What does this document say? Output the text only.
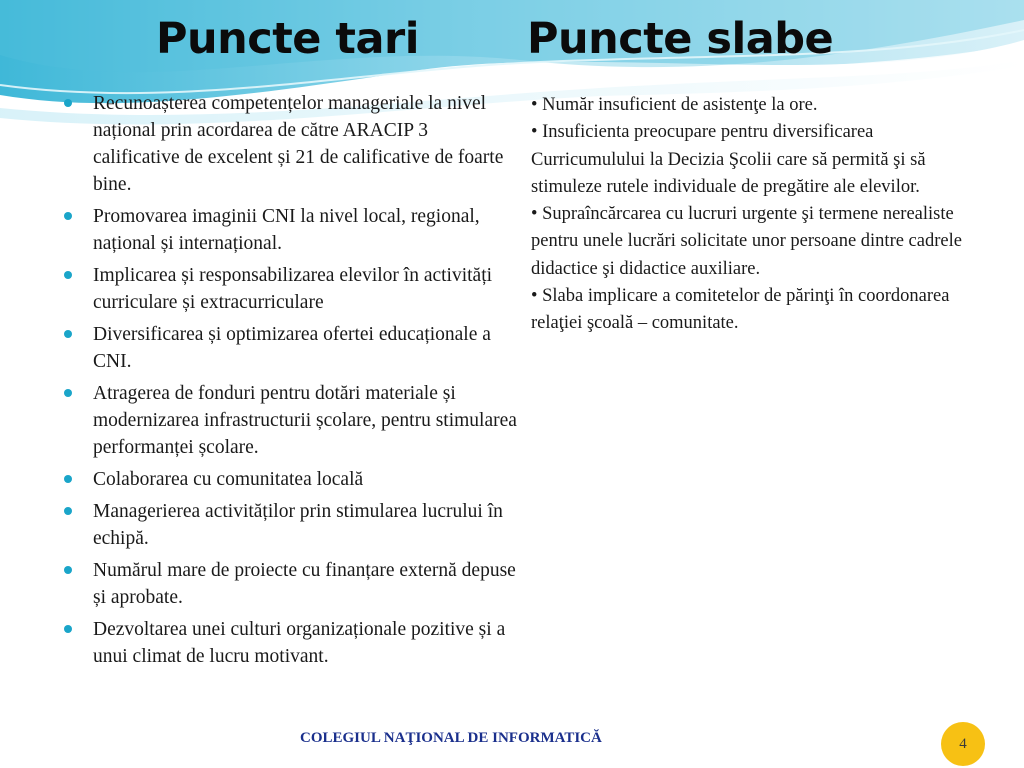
Puncte tari	Puncte slabe
Recunoașterea competențelor manageriale la nivel național prin acordarea de către ARACIP 3 calificative de excelent și 21 de calificative de foarte bine.
Promovarea imaginii CNI la nivel local, regional, național și internațional.
Implicarea și responsabilizarea elevilor în activități curriculare și extracurriculare
Diversificarea și optimizarea ofertei educaționale a CNI.
Atragerea de fonduri pentru dotări materiale și modernizarea infrastructurii școlare, pentru stimularea performanței școlare.
Colaborarea cu comunitatea locală
Managerierea activităților prin stimularea lucrului în echipă.
Numărul mare de proiecte cu finanțare externă depuse și aprobate.
Dezvoltarea unei culturi organizaționale pozitive și a unui climat de lucru motivant.

• Număr insuficient de asistenţe la ore.

• Insuficienta preocupare pentru diversificarea Curricumulului la Decizia Şcolii care să permită şi să stimuleze rutele individuale de pregătire ale elevilor.

• Supraîncărcarea cu lucruri urgente şi termene nerealiste pentru unele lucrări solicitate unor persoane dintre cadrele didactice şi didactice auxiliare.

• Slaba implicare a comitetelor de părinţi în coordonarea relaţiei şcoală – comunitate.

COLEGIUL NAŢIONAL DE INFORMATICĂ	4
